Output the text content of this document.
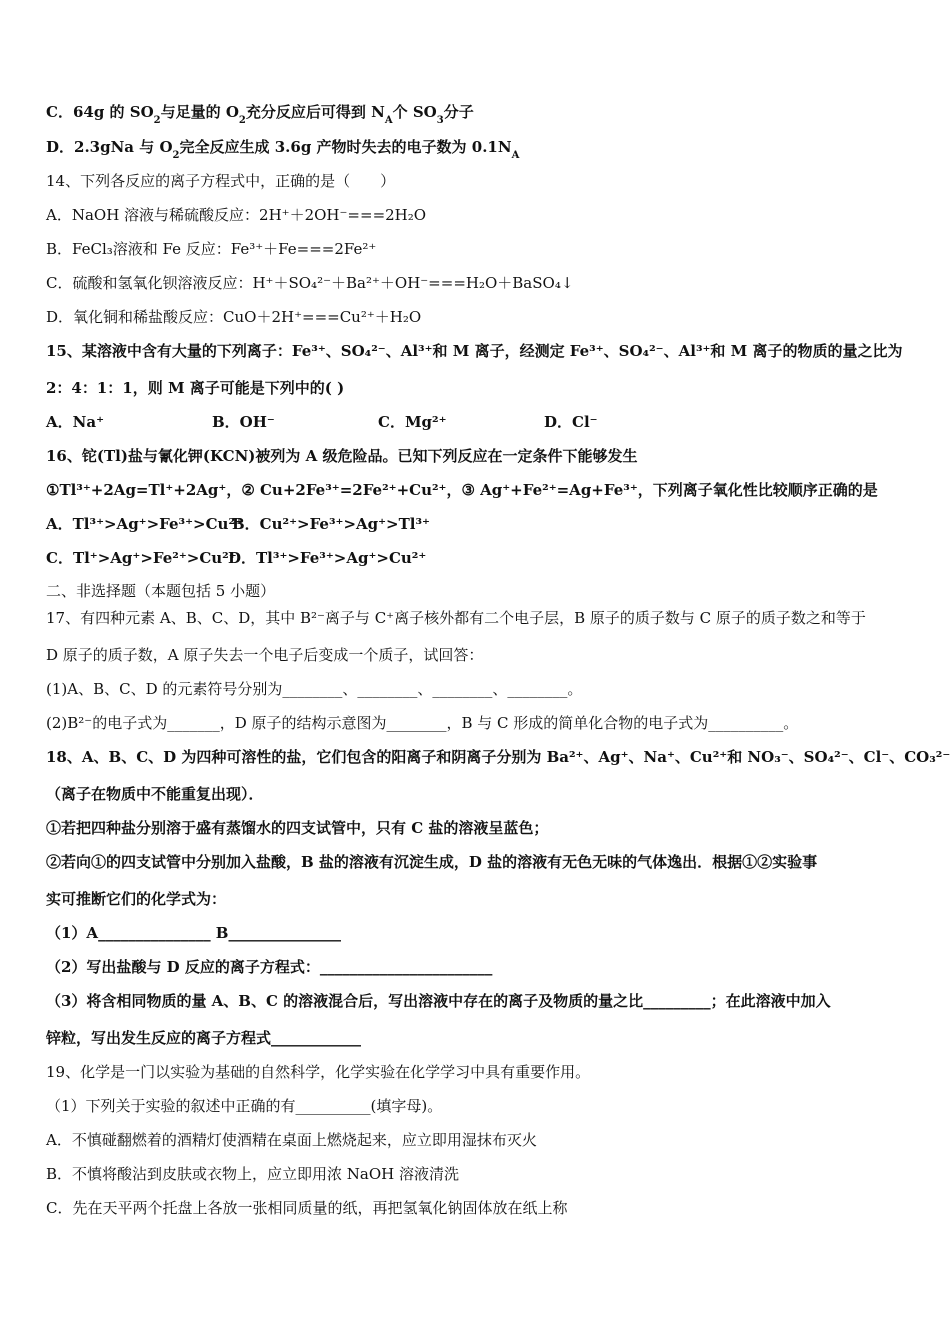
C．64g 的 $SO_2$与足量的 $O_2$充分反应后可得到 $N_A$个 $SO_3$分子
D．2.3gNa 与 $O_2$完全反应生成 3.6g 产物时失去的电子数为 $0.1N_A$
14、下列各反应的离子方程式中，正确的是（　　）
A．NaOH 溶液与稀硫酸反应：2H⁺＋2OH⁻===2H₂O
B．FeCl₃溶液和 Fe 反应：Fe³⁺＋Fe===2Fe²⁺
C．硫酸和氢氧化钡溶液反应：H⁺＋SO₄²⁻＋Ba²⁺＋OH⁻===H₂O＋BaSO₄↓
D．氧化铜和稀盐酸反应：CuO＋2H⁺===Cu²⁺＋H₂O
15、某溶液中含有大量的下列离子：Fe³⁺、SO₄²⁻、Al³⁺和 M 离子，经测定 Fe³⁺、SO₄²⁻、Al³⁺和 M 离子的物质的量之比为
2：4：1：1，则 M 离子可能是下列中的( )
A．Na⁺	B．OH⁻	C．Mg²⁺	D．Cl⁻
16、铊(Tl)盐与氰化钾(KCN)被列为 A 级危险品。已知下列反应在一定条件下能够发生
①Tl³⁺+2Ag=Tl⁺+2Ag⁺，② Cu+2Fe³⁺=2Fe²⁺+Cu²⁺，③ Ag⁺+Fe²⁺=Ag+Fe³⁺，下列离子氧化性比较顺序正确的是
A．Tl³⁺>Ag⁺>Fe³⁺>Cu²⁺B．Cu²⁺>Fe³⁺>Ag⁺>Tl³⁺
C．Tl⁺>Ag⁺>Fe²⁺>Cu²⁺D．Tl³⁺>Fe³⁺>Ag⁺>Cu²⁺
二、非选择题（本题包括 5 小题）
17、有四种元素 A、B、C、D，其中 B²⁻离子与 C⁺离子核外都有二个电子层，B 原子的质子数与 C 原子的质子数之和等于
D 原子的质子数，A 原子失去一个电子后变成一个质子，试回答：
(1)A、B、C、D 的元素符号分别为________、________、________、________。
(2)B²⁻的电子式为_______，D 原子的结构示意图为________，B 与 C 形成的简单化合物的电子式为__________。
18、A、B、C、D 为四种可溶性的盐，它们包含的阳离子和阴离子分别为 Ba²⁺、Ag⁺、Na⁺、Cu²⁺和 NO₃⁻、SO₄²⁻、Cl⁻、CO₃²⁻
（离子在物质中不能重复出现）．
①若把四种盐分别溶于盛有蒸馏水的四支试管中，只有 C 盐的溶液呈蓝色；
②若向①的四支试管中分别加入盐酸，B 盐的溶液有沉淀生成，D 盐的溶液有无色无味的气体逸出．根据①②实验事
实可推断它们的化学式为：
（1）A_______________ B_______________
（2）写出盐酸与 D 反应的离子方程式：_______________________
（3）将含相同物质的量 A、B、C 的溶液混合后，写出溶液中存在的离子及物质的量之比_________；在此溶液中加入
锌粒，写出发生反应的离子方程式____________
19、化学是一门以实验为基础的自然科学，化学实验在化学学习中具有重要作用。
（1）下列关于实验的叙述中正确的有__________(填字母)。
A．不慎碰翻燃着的酒精灯使酒精在桌面上燃烧起来，应立即用湿抹布灭火
B．不慎将酸沾到皮肤或衣物上，应立即用浓 NaOH 溶液清洗
C．先在天平两个托盘上各放一张相同质量的纸，再把氢氧化钠固体放在纸上称
